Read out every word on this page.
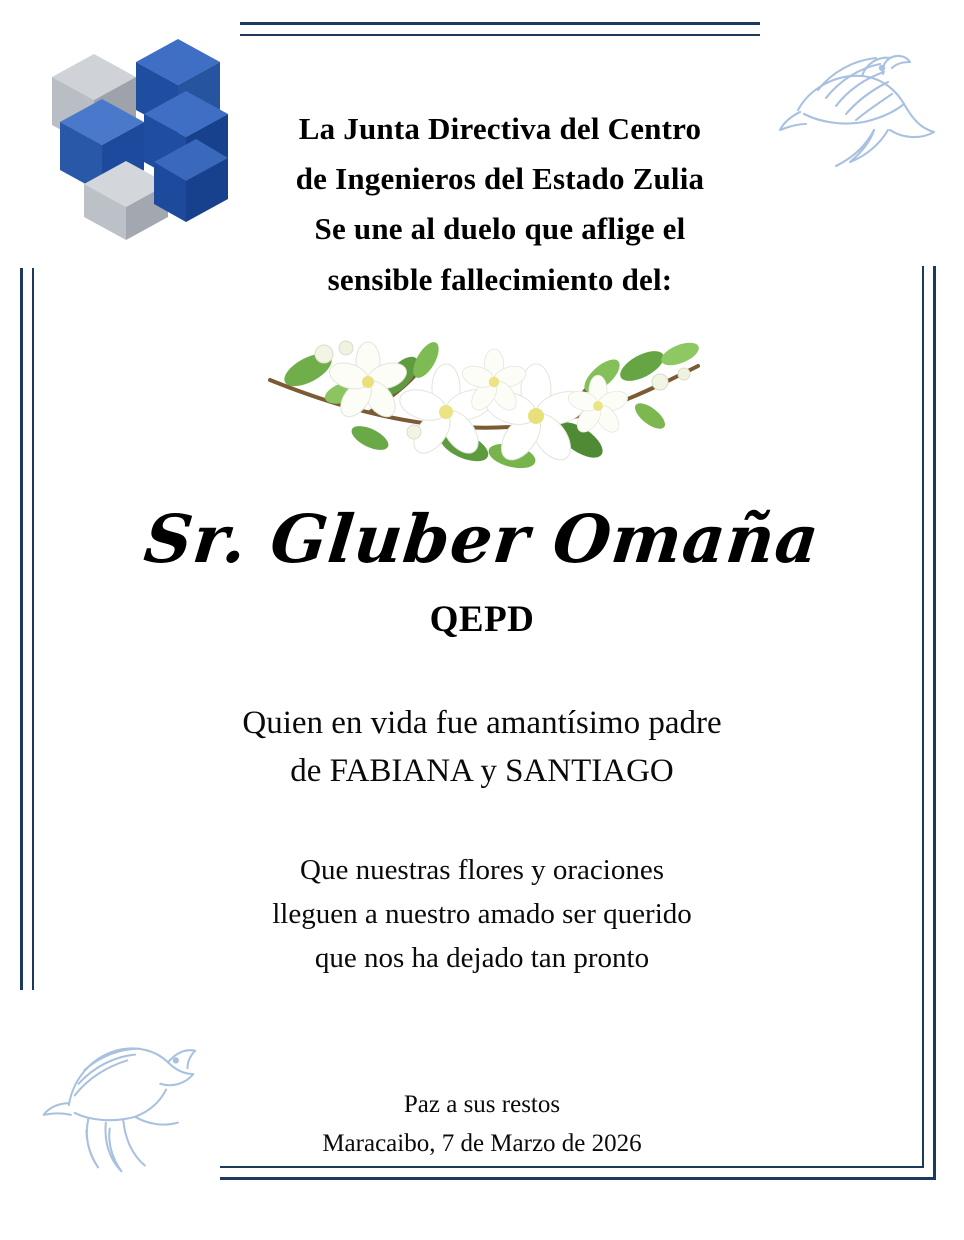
La Junta Directiva del Centro
de Ingenieros del Estado Zulia
Se une al duelo que aflige el
sensible fallecimiento del:
Sr. Gluber Omaña
QEPD
Quien en vida fue amantísimo padre
de FABIANA y SANTIAGO
Que nuestras flores y oraciones
lleguen a nuestro amado ser querido
que nos ha dejado tan pronto
Paz a sus restos
Maracaibo, 7 de Marzo de 2026
